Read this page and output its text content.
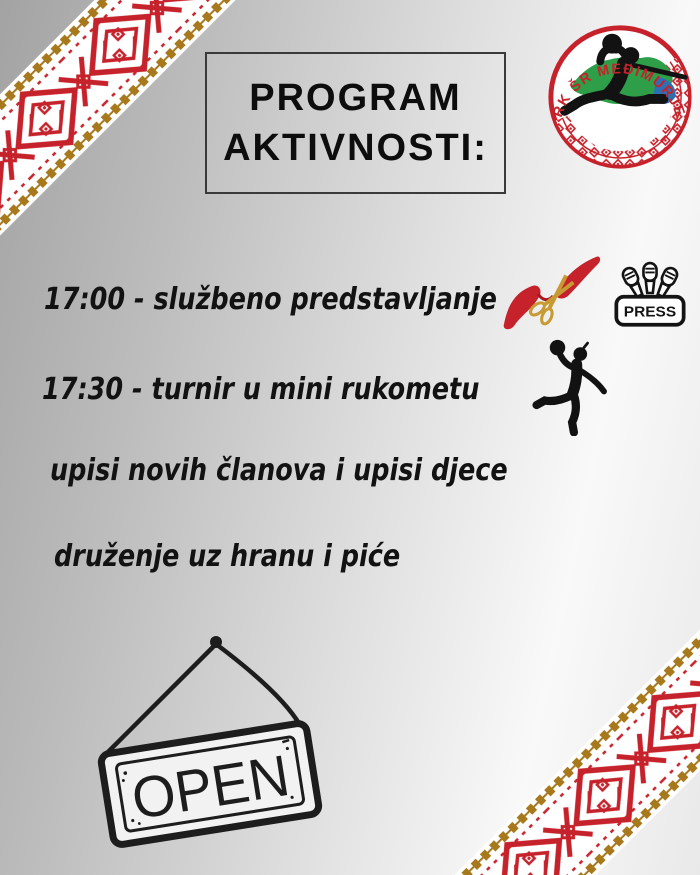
PROGRAM
AKTIVNOSTI:
RK ŠR MEĐIMURJE
17:00 - službeno predstavljanje
17:30 - turnir u mini rukometu
upisi novih članova i upisi djece
druženje uz hranu i piće
PRESS
OPEN
